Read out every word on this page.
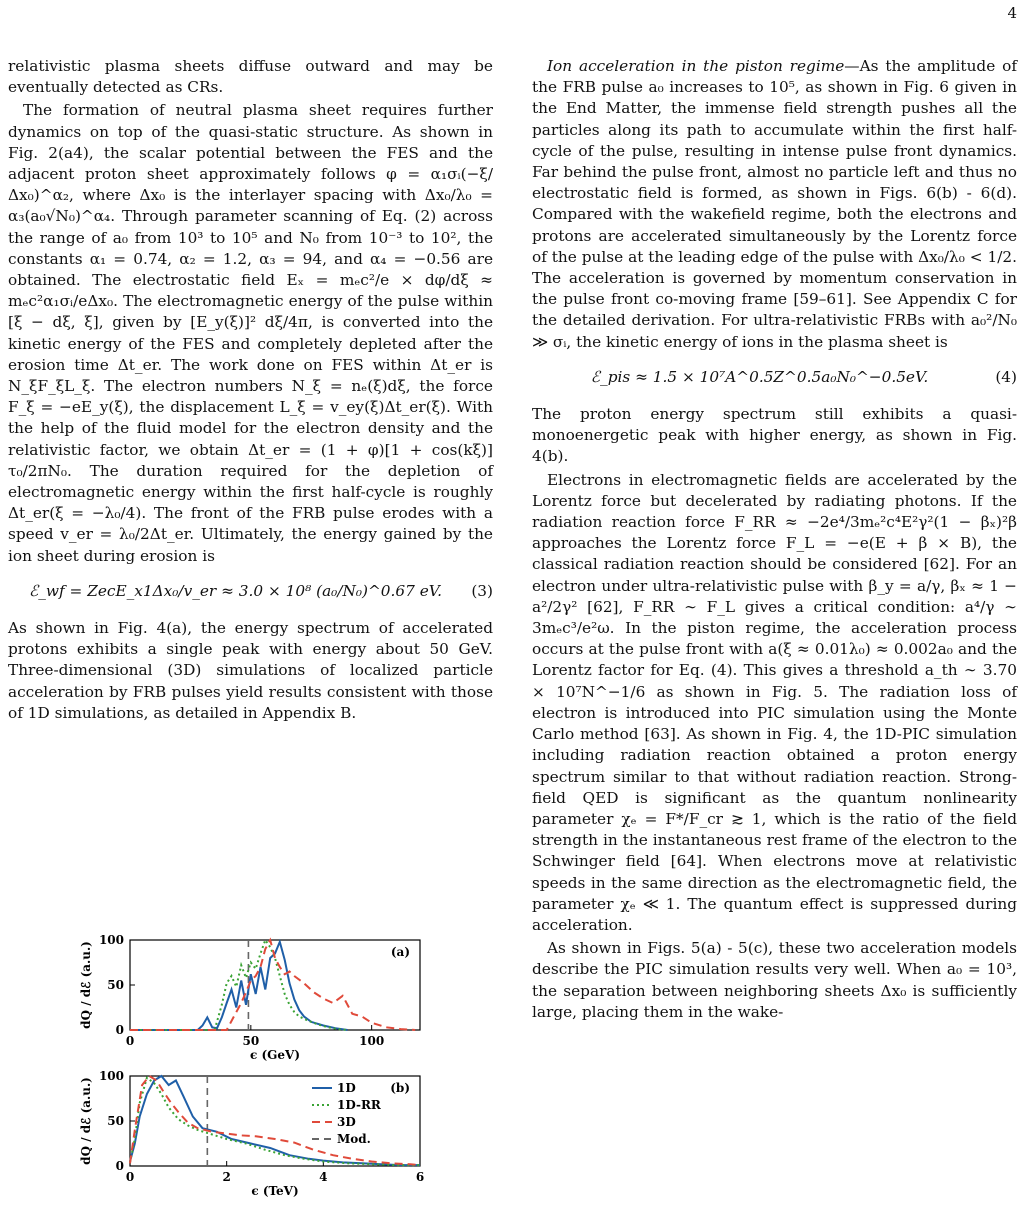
4

relativistic plasma sheets diffuse outward and may be eventually detected as CRs.

The formation of neutral plasma sheet requires further dynamics on top of the quasi-static structure. As shown in Fig. 2(a4), the scalar potential between the FES and the adjacent proton sheet approximately follows φ = α₁σᵢ(−ξ/Δx₀)^α₂, where Δx₀ is the interlayer spacing with Δx₀/λ₀ = α₃(a₀√N₀)^α₄. Through parameter scanning of Eq. (2) across the range of a₀ from 10³ to 10⁵ and N₀ from 10⁻³ to 10², the constants α₁ = 0.74, α₂ = 1.2, α₃ = 94, and α₄ = −0.56 are obtained. The electrostatic field Eₓ = mₑc²/e × dφ/dξ ≈ mₑc²α₁σᵢ/eΔx₀. The electromagnetic energy of the pulse within [ξ − dξ, ξ], given by [E_y(ξ)]² dξ/4π, is converted into the kinetic energy of the FES and completely depleted after the erosion time Δt_er. The work done on FES within Δt_er is N_ξF_ξL_ξ. The electron numbers N_ξ = nₑ(ξ)dξ, the force F_ξ = −eE_y(ξ), the displacement L_ξ = v_ey(ξ)Δt_er(ξ). With the help of the fluid model for the electron density and the relativistic factor, we obtain Δt_er = (1 + φ)[1 + cos(kξ)] τ₀/2πN₀. The duration required for the depletion of electromagnetic energy within the first half-cycle is roughly Δt_er(ξ = −λ₀/4). The front of the FRB pulse erodes with a speed v_er = λ₀/2Δt_er. Ultimately, the energy gained by the ion sheet during erosion is

ℰ_wf = ZecE_x1Δx₀/v_er ≈ 3.0 × 10⁸ (a₀/N₀)^0.67 eV.	(3)

As shown in Fig. 4(a), the energy spectrum of accelerated protons exhibits a single peak with energy about 50 GeV. Three-dimensional (3D) simulations of localized particle acceleration by FRB pulses yield results consistent with those of 1D simulations, as detailed in Appendix B.

0	50	100
0
50
100
ϵ (GeV)
dQ / dℰ (a.u.)	(a)
0	2	4	6
0
50
100
ϵ (TeV)
dQ / dℰ (a.u.)	(b)
1D
1D-RR
3D
Mod.

Ion acceleration in the piston regime—As the amplitude of the FRB pulse a₀ increases to 10⁵, as shown in Fig. 6 given in the End Matter, the immense field strength pushes all the particles along its path to accumulate within the first half-cycle of the pulse, resulting in intense pulse front dynamics. Far behind the pulse front, almost no particle left and thus no electrostatic field is formed, as shown in Figs. 6(b) - 6(d). Compared with the wakefield regime, both the electrons and protons are accelerated simultaneously by the Lorentz force of the pulse at the leading edge of the pulse with Δx₀/λ₀ < 1/2. The acceleration is governed by momentum conservation in the pulse front co-moving frame [59–61]. See Appendix C for the detailed derivation. For ultra-relativistic FRBs with a₀²/N₀ ≫ σᵢ, the kinetic energy of ions in the plasma sheet is

ℰ_pis ≈ 1.5 × 10⁷A^0.5Z^0.5a₀N₀^−0.5eV.	(4)

The proton energy spectrum still exhibits a quasi-monoenergetic peak with higher energy, as shown in Fig. 4(b).

Electrons in electromagnetic fields are accelerated by the Lorentz force but decelerated by radiating photons. If the radiation reaction force F_RR ≈ −2e⁴/3mₑ²c⁴E²γ²(1 − βₓ)²β approaches the Lorentz force F_L = −e(E + β × B), the classical radiation reaction should be considered [62]. For an electron under ultra-relativistic pulse with β_y = a/γ, βₓ ≈ 1 − a²/2γ² [62], F_RR ∼ F_L gives a critical condition: a⁴/γ ∼ 3mₑc³/e²ω. In the piston regime, the acceleration process occurs at the pulse front with a(ξ ≈ 0.01λ₀) ≈ 0.002a₀ and the Lorentz factor for Eq. (4). This gives a threshold a_th ∼ 3.70 × 10⁷N^−1/6 as shown in Fig. 5. The radiation loss of electron is introduced into PIC simulation using the Monte Carlo method [63]. As shown in Fig. 4, the 1D-PIC simulation including radiation reaction obtained a proton energy spectrum similar to that without radiation reaction. Strong-field QED is significant as the quantum nonlinearity parameter χₑ = F*/F_cr ≳ 1, which is the ratio of the field strength in the instantaneous rest frame of the electron to the Schwinger field [64]. When electrons move at relativistic speeds in the same direction as the electromagnetic field, the parameter χₑ ≪ 1. The quantum effect is suppressed during acceleration.

As shown in Figs. 5(a) - 5(c), these two acceleration models describe the PIC simulation results very well. When a₀ = 10³, the separation between neighboring sheets Δx₀ is sufficiently large, placing them in the wake-
